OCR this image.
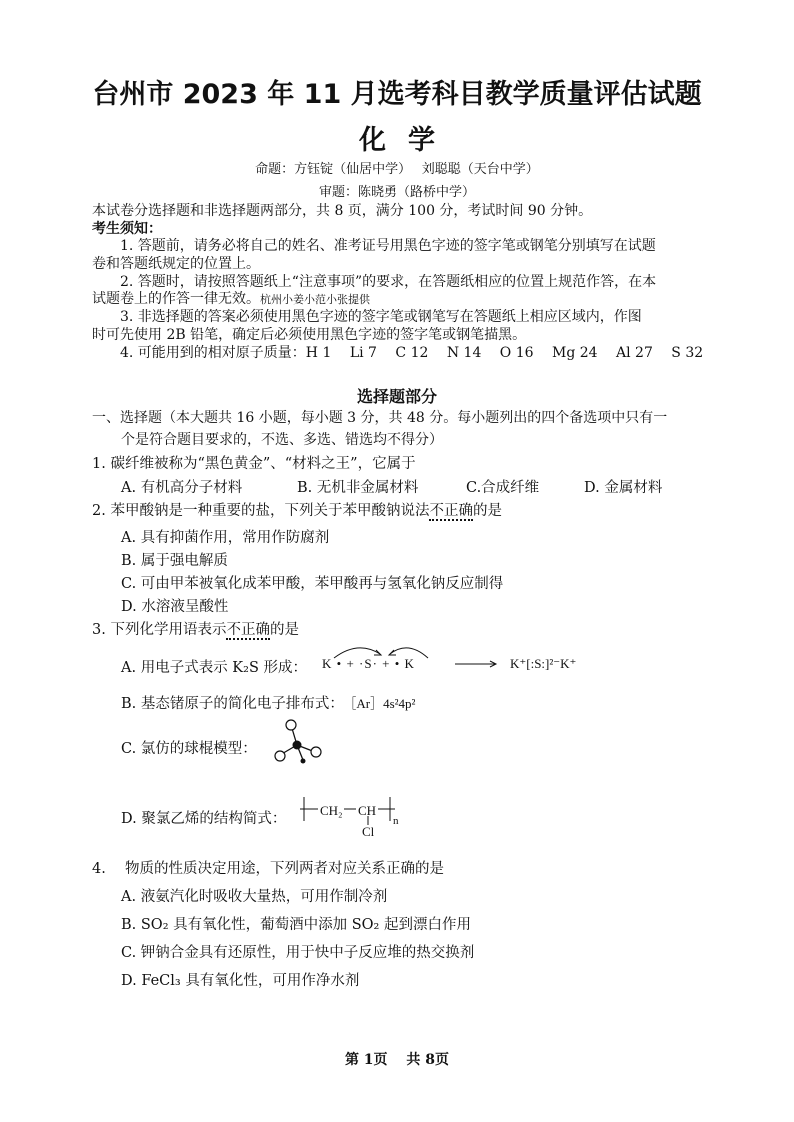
台州市 2023 年 11 月选考科目教学质量评估试题
化学
命题：方钰锭（仙居中学）　 刘聪聪（天台中学）
审题：陈晓勇（路桥中学）
本试卷分选择题和非选择题两部分，共 8 页，满分 100 分，考试时间 90 分钟。
考生须知：
1. 答题前，请务必将自己的姓名、准考证号用黑色字迹的签字笔或钢笔分别填写在试题
卷和答题纸规定的位置上。
2. 答题时，请按照答题纸上“注意事项”的要求，在答题纸相应的位置上规范作答，在本
试题卷上的作答一律无效。杭州小姜小范小张提供
3. 非选择题的答案必须使用黑色字迹的签字笔或钢笔写在答题纸上相应区域内，作图
时可先使用 2B 铅笔，确定后必须使用黑色字迹的签字笔或钢笔描黑。
4. 可能用到的相对原子质量：H 1　 Li 7　 C 12　 N 14　 O 16　 Mg 24　 Al 27　 S 32
选择题部分
一、选择题（本大题共 16 小题，每小题 3 分，共 48 分。每小题列出的四个备选项中只有一
个是符合题目要求的，不选、多选、错选均不得分）
1. 碳纤维被称为“黑色黄金”、“材料之王”，它属于
A. 有机高分子材料	B. 无机非金属材料	C.合成纤维	D. 金属材料
2. 苯甲酸钠是一种重要的盐，下列关于苯甲酸钠说法不正确的是
A. 具有抑菌作用，常用作防腐剂
B. 属于强电解质
C. 可由甲苯被氧化成苯甲酸，苯甲酸再与氢氧化钠反应制得
D. 水溶液呈酸性
3. 下列化学用语表示不正确的是
A. 用电子式表示 K₂S 形成： K • + ·S· + • K	K⁺[:S:]²⁻K⁺
B. 基态锗原子的简化电子排布式： ［Ar］4s²4p²
C. 氯仿的球棍模型：
D. 聚氯乙烯的结构简式：
CH₂ CH
Cl
n
4.　 物质的性质决定用途，下列两者对应关系正确的是
A. 液氨汽化时吸收大量热，可用作制冷剂
B. SO₂ 具有氧化性，葡萄酒中添加 SO₂ 起到漂白作用
C. 钾钠合金具有还原性，用于快中子反应堆的热交换剂
D. FeCl₃ 具有氧化性，可用作净水剂
第 1页　 共 8页
